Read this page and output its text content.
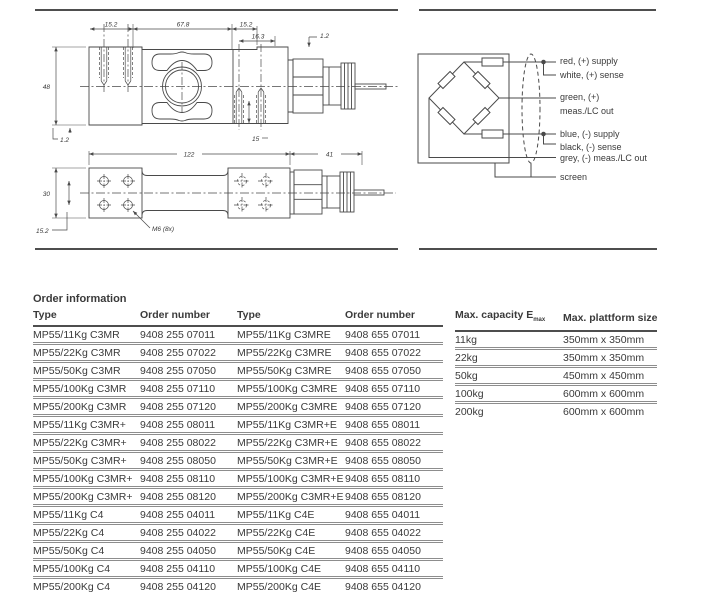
15.2	67.8	15.2
16.3	1.2
48
1.2	15
122	41
30
15.2	M6 (8x)
red, (+) supply
white, (+) sense
green, (+)
meas./LC out
blue, (-) supply
black, (-) sense
grey, (-) meas./LC out
screen
Order information
Type	Order number	Type	Order number
MP55/11Kg C3MR	9408 255 07011	MP55/11Kg C3MRE	9408 655 07011
MP55/22Kg C3MR	9408 255 07022	MP55/22Kg C3MRE	9408 655 07022
MP55/50Kg C3MR	9408 255 07050	MP55/50Kg C3MRE	9408 655 07050
MP55/100Kg C3MR	9408 255 07110	MP55/100Kg C3MRE	9408 655 07110
MP55/200Kg C3MR	9408 255 07120	MP55/200Kg C3MRE	9408 655 07120
MP55/11Kg C3MR+	9408 255 08011	MP55/11Kg C3MR+E	9408 655 08011
MP55/22Kg C3MR+	9408 255 08022	MP55/22Kg C3MR+E	9408 655 08022
MP55/50Kg C3MR+	9408 255 08050	MP55/50Kg C3MR+E	9408 655 08050
MP55/100Kg C3MR+	9408 255 08110	MP55/100Kg C3MR+E	9408 655 08110
MP55/200Kg C3MR+	9408 255 08120	MP55/200Kg C3MR+E	9408 655 08120
MP55/11Kg C4	9408 255 04011	MP55/11Kg C4E	9408 655 04011
MP55/22Kg C4	9408 255 04022	MP55/22Kg C4E	9408 655 04022
MP55/50Kg C4	9408 255 04050	MP55/50Kg C4E	9408 655 04050
MP55/100Kg C4	9408 255 04110	MP55/100Kg C4E	9408 655 04110
MP55/200Kg C4	9408 255 04120	MP55/200Kg C4E	9408 655 04120
Max. capacity $E_{max}$	Max. plattform size
11kg	350mm x 350mm
22kg	350mm x 350mm
50kg	450mm x 450mm
100kg	600mm x 600mm
200kg	600mm x 600mm
